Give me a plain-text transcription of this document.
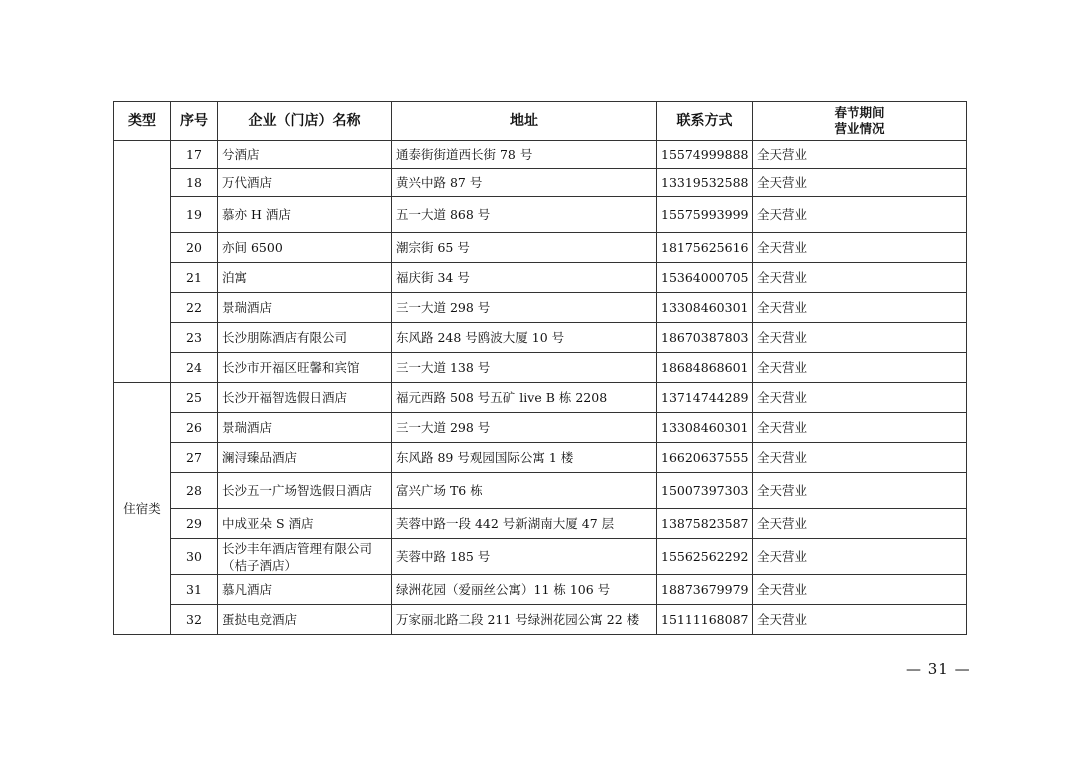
类型	序号	企业（门店）名称	地址	联系方式	春节期间
营业情况

	17	兮酒店	通泰街街道西长街 78 号	15574999888	全天营业
	18	万代酒店	黄兴中路 87 号	13319532588	全天营业
	19	慕亦 H 酒店	五一大道 868 号	15575993999	全天营业
	20	亦间 6500	潮宗街 65 号	18175625616	全天营业
	21	泊寓	福庆街 34 号	15364000705	全天营业
	22	景瑞酒店	三一大道 298 号	13308460301	全天营业
	23	长沙朋陈酒店有限公司	东风路 248 号鸥波大厦 10 号	18670387803	全天营业
	24	长沙市开福区旺馨和宾馆	三一大道 138 号	18684868601	全天营业
住宿类	25	长沙开福智选假日酒店	福元西路 508 号五矿 live B 栋 2208	13714744289	全天营业
	26	景瑞酒店	三一大道 298 号	13308460301	全天营业
	27	澜浔臻品酒店	东风路 89 号观园国际公寓 1 楼	16620637555	全天营业
	28	长沙五一广场智选假日酒店	富兴广场 T6 栋	15007397303	全天营业
	29	中成亚朵 S 酒店	芙蓉中路一段 442 号新湖南大厦 47 层	13875823587	全天营业
	30	长沙丰年酒店管理有限公司（桔子酒店）	芙蓉中路 185 号	15562562292	全天营业
	31	慕凡酒店	绿洲花园（爱丽丝公寓）11 栋 106 号	18873679979	全天营业
	32	蛋挞电竞酒店	万家丽北路二段 211 号绿洲花园公寓 22 楼	15111168087	全天营业
— 31 —
